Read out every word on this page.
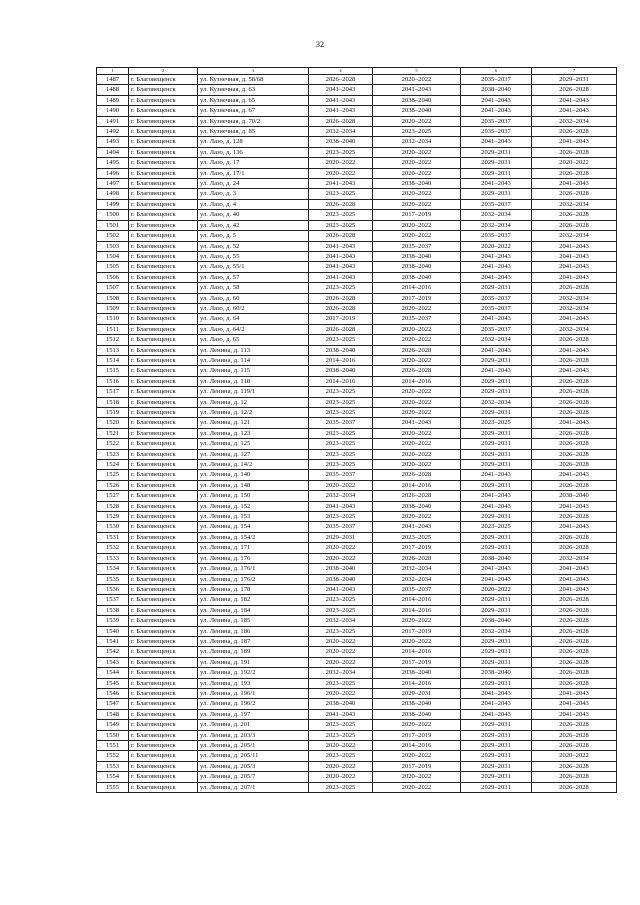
32
1	2	3	4	5	6	7
1487	г. Благовещенск	ул. Кузнечная, д. 58/68	2026–2028	2020–2022	2035–2037	2029–2031
1488	г. Благовещенск	ул. Кузнечная, д. 63	2041–2043	2041–2043	2038–2040	2026–2028
1489	г. Благовещенск	ул. Кузнечная, д. 65	2041–2043	2038–2040	2041–2043	2041–2043
1490	г. Благовещенск	ул. Кузнечная, д. 67	2041–2043	2038–2040	2041–2043	2041–2043
1491	г. Благовещенск	ул. Кузнечная, д. 70/2	2026–2028	2020–2022	2035–2037	2032–2034
1492	г. Благовещенск	ул. Кузнечная, д. 85	2032–2034	2023–2025	2035–2037	2026–2028
1493	г. Благовещенск	ул. Лазо, д. 128	2038–2040	2032–2034	2041–2043	2041–2043
1494	г. Благовещенск	ул. Лазо, д. 136	2023–2025	2020–2022	2029–2031	2026–2028
1495	г. Благовещенск	ул. Лазо, д. 17	2020–2022	2020–2022	2029–2031	2020–2022
1496	г. Благовещенск	ул. Лазо, д. 17/1	2020–2022	2020–2022	2029–2031	2026–2028
1497	г. Благовещенск	ул. Лазо, д. 24	2041–2043	2038–2040	2041–2043	2041–2043
1498	г. Благовещенск	ул. Лазо, д. 3	2023–2025	2020–2022	2029–2031	2026–2028
1499	г. Благовещенск	ул. Лазо, д. 4	2026–2028	2020–2022	2035–2037	2032–2034
1500	г. Благовещенск	ул. Лазо, д. 40	2023–2025	2017–2019	2032–2034	2026–2028
1501	г. Благовещенск	ул. Лазо, д. 42	2023–2025	2020–2022	2032–2034	2026–2028
1502	г. Благовещенск	ул. Лазо, д. 5	2026–2028	2020–2022	2035–2037	2032–2034
1503	г. Благовещенск	ул. Лазо, д. 52	2041–2043	2035–2037	2020–2022	2041–2043
1504	г. Благовещенск	ул. Лазо, д. 55	2041–2043	2038–2040	2041–2043	2041–2043
1505	г. Благовещенск	ул. Лазо, д. 55/1	2041–2043	2038–2040	2041–2043	2041–2043
1506	г. Благовещенск	ул. Лазо, д. 57	2041–2043	2038–2040	2041–2043	2041–2043
1507	г. Благовещенск	ул. Лазо, д. 58	2023–2025	2014–2016	2029–2031	2026–2028
1508	г. Благовещенск	ул. Лазо, д. 60	2026–2028	2017–2019	2035–2037	2032–2034
1509	г. Благовещенск	ул. Лазо, д. 60/2	2026–2028	2020–2022	2035–2037	2032–2034
1510	г. Благовещенск	ул. Лазо, д. 64	2017–2019	2035–2037	2041–2043	2041–2043
1511	г. Благовещенск	ул. Лазо, д. 64/2	2026–2028	2020–2022	2035–2037	2032–2034
1512	г. Благовещенск	ул. Лазо, д. 65	2023–2025	2020–2022	2032–2034	2026–2028
1513	г. Благовещенск	ул. Ленина, д. 113	2038–2040	2026–2028	2041–2043	2041–2043
1514	г. Благовещенск	ул. Ленина, д. 114	2014–2016	2020–2022	2029–2031	2026–2028
1515	г. Благовещенск	ул. Ленина, д. 115	2038–2040	2026–2028	2041–2043	2041–2043
1516	г. Благовещенск	ул. Ленина, д. 118	2014–2016	2014–2016	2029–2031	2026–2028
1517	г. Благовещенск	ул. Ленина, д. 119/1	2023–2025	2020–2022	2029–2031	2026–2028
1518	г. Благовещенск	ул. Ленина, д. 12	2023–2025	2020–2022	2032–2034	2026–2028
1519	г. Благовещенск	ул. Ленина, д. 12/2	2023–2025	2020–2022	2029–2031	2026–2028
1520	г. Благовещенск	ул. Ленина, д. 121	2035–2037	2041–2043	2023–2025	2041–2043
1521	г. Благовещенск	ул. Ленина, д. 123	2023–2025	2020–2022	2029–2031	2026–2028
1522	г. Благовещенск	ул. Ленина, д. 125	2023–2025	2020–2022	2029–2031	2026–2028
1523	г. Благовещенск	ул. Ленина, д. 127	2023–2025	2020–2022	2029–2031	2026–2028
1524	г. Благовещенск	ул. Ленина, д. 14/2	2023–2025	2020–2022	2029–2031	2026–2028
1525	г. Благовещенск	ул. Ленина, д. 140	2035–2037	2026–2028	2041–2043	2041–2043
1526	г. Благовещенск	ул. Ленина, д. 148	2020–2022	2014–2016	2029–2031	2026–2028
1527	г. Благовещенск	ул. Ленина, д. 150	2032–2034	2026–2028	2041–2043	2038–2040
1528	г. Благовещенск	ул. Ленина, д. 152	2041–2043	2038–2040	2041–2043	2041–2043
1529	г. Благовещенск	ул. Ленина, д. 153	2023–2025	2020–2022	2029–2031	2026–2028
1530	г. Благовещенск	ул. Ленина, д. 154	2035–2037	2041–2043	2023–2025	2041–2043
1531	г. Благовещенск	ул. Ленина, д. 154/2	2029–2031	2023–2025	2029–2031	2026–2028
1532	г. Благовещенск	ул. Ленина, д. 171	2020–2022	2017–2019	2029–2031	2026–2028
1533	г. Благовещенск	ул. Ленина, д. 176	2020–2022	2026–2028	2038–2040	2032–2034
1534	г. Благовещенск	ул. Ленина, д. 176/1	2038–2040	2032–2034	2041–2043	2041–2043
1535	г. Благовещенск	ул. Ленина, д. 176/2	2038–2040	2032–2034	2041–2043	2041–2043
1536	г. Благовещенск	ул. Ленина, д. 178	2041–2043	2035–2037	2020–2022	2041–2043
1537	г. Благовещенск	ул. Ленина, д. 182	2023–2025	2014–2016	2029–2031	2026–2028
1538	г. Благовещенск	ул. Ленина, д. 184	2023–2025	2014–2016	2029–2031	2026–2028
1539	г. Благовещенск	ул. Ленина, д. 185	2032–2034	2020–2022	2038–2040	2026–2028
1540	г. Благовещенск	ул. Ленина, д. 186	2023–2025	2017–2019	2032–2034	2026–2028
1541	г. Благовещенск	ул. Ленина, д. 187	2020–2022	2020–2022	2029–2031	2026–2028
1542	г. Благовещенск	ул. Ленина, д. 189	2020–2022	2014–2016	2029–2031	2026–2028
1543	г. Благовещенск	ул. Ленина, д. 191	2020–2022	2017–2019	2029–2031	2026–2028
1544	г. Благовещенск	ул. Ленина, д. 192/2	2032–2034	2038–2040	2038–2040	2026–2028
1545	г. Благовещенск	ул. Ленина, д. 193	2023–2025	2014–2016	2029–2031	2026–2028
1546	г. Благовещенск	ул. Ленина, д. 196/1	2020–2022	2029–2031	2041–2043	2041–2043
1547	г. Благовещенск	ул. Ленина, д. 196/2	2038–2040	2038–2040	2041–2043	2041–2043
1548	г. Благовещенск	ул. Ленина, д. 197	2041–2043	2038–2040	2041–2043	2041–2043
1549	г. Благовещенск	ул. Ленина, д. 201	2023–2025	2020–2022	2029–2031	2026–2028
1550	г. Благовещенск	ул. Ленина, д. 203/3	2023–2025	2017–2019	2029–2031	2026–2028
1551	г. Благовещенск	ул. Ленина, д. 205/1	2020–2022	2014–2016	2029–2031	2026–2028
1552	г. Благовещенск	ул. Ленина, д. 205/11	2023–2025	2020–2022	2029–2031	2020–2022
1553	г. Благовещенск	ул. Ленина, д. 205/3	2020–2022	2017–2019	2029–2031	2026–2028
1554	г. Благовещенск	ул. Ленина, д. 205/7	2020–2022	2020–2022	2029–2031	2026–2028
1555	г. Благовещенск	ул. Ленина, д. 207/1	2023–2025	2020–2022	2029–2031	2026–2028
